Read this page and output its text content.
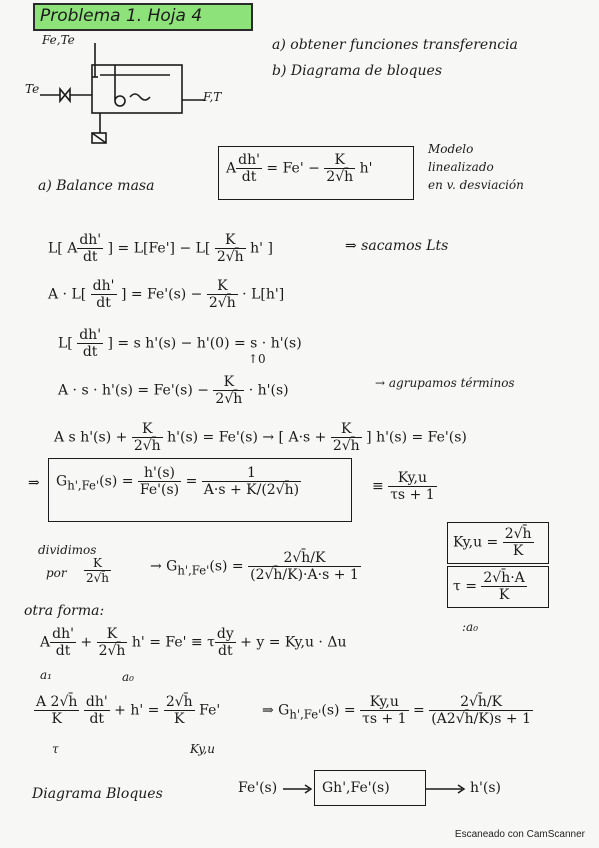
Problema 1. Hoja 4
a) obtener funciones transferencia
b) Diagrama de bloques
Fe,Te
Te
F,T
a) Balance masa
A $\frac{dh'}{dt} = Fe' - \frac{K}{2√h̄} h'$
Modelo
linealizado
en v. desviación
L[ A $\frac{dh'}{dt}$ ] = $L[Fe'] - L[ \frac{K}{2√h̄} h'$ ]	⇒ sacamos Lts
$A \cdot L[ \frac{dh'}{dt}$ ] = $Fe'(s) - \frac{K}{2√h̄} \cdot L[h']$
$L[ \frac{dh'}{dt}$ ] = s h'(s) − h'(0) = s · h'(s)
↑0
$A \cdot s \cdot h'(s) = Fe'(s) - \frac{K}{2√h̄} \cdot h'(s)$	→ agrupamos términos
A s $h'(s) + \frac{K}{2√h̄} h'(s) = Fe'(s)$ → [ $A\cdot s + \frac{K}{2√h̄}$ ] h'(s) = Fe'(s)
⇒ $G_{h',Fe'}(s) = \frac{h'(s)}{Fe'(s)} = \frac{1}{A\cdot s + K/(2√h̄)}$	≡ $\frac{Ky,u}{\tau s + 1}$
dividimos
por $\frac{K}{2√h̄}$	→ $G_{h',Fe'}(s) = \frac{2√h̄/K}{(2√h̄/K)\cdot A\cdot s + 1}$
$Ky,u = \frac{2√h̄}{K}$
$\tau = \frac{2√h̄\cdot A}{K}$
otra forma:
A $\frac{dh'}{dt} + \frac{K}{2√h̄} h' = Fe' \equiv \tau \frac{dy}{dt} + y = Ky,u \cdot \Delta u$
:a₀
a₁	a₀
$\frac{A 2√h̄}{K}$
$\frac{dh'}{dt} + h' = \frac{2√h̄}{K} Fe'$
τ	Ky,u
⇒ $G_{h',Fe'}(s) = \frac{Ky,u}{\tau s + 1} = \frac{2√h̄/K}{(A2√h̄/K)s + 1}$
Diagrama Bloques	Fe'(s)	Gh',Fe'(s)	h'(s)
Escaneado con CamScanner
